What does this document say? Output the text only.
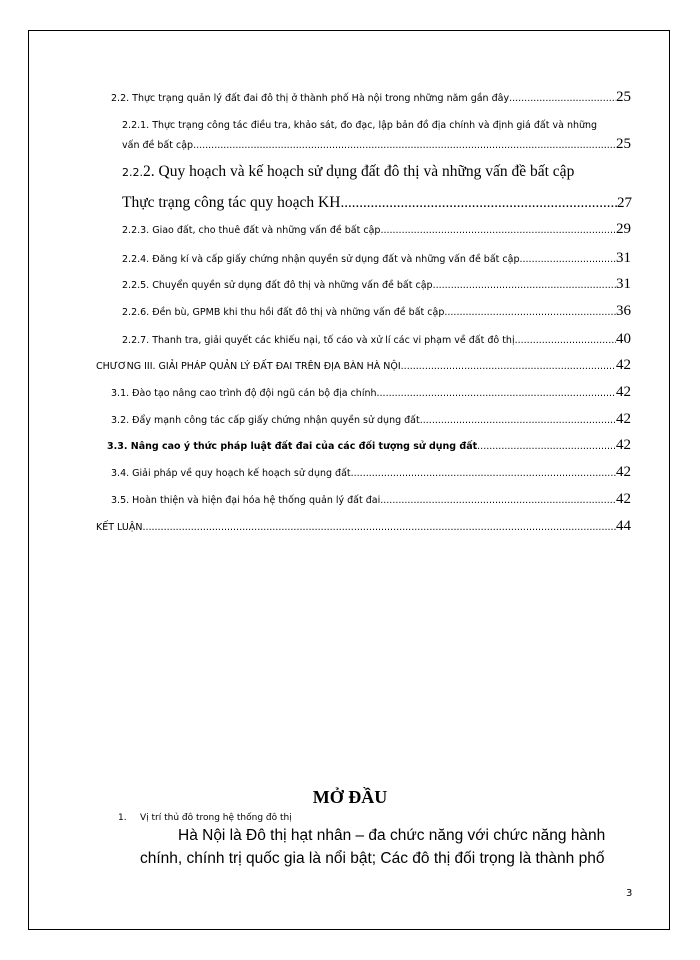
2.2. Thực trạng quản lý đất đai đô thị ở thành phố Hà nội trong những năm gần đây .....	25
2.2.1. Thực trạng công tác điều tra, khảo sát, đo đạc, lập bản đồ địa chính và định giá đất và những
vấn đề bất cập .....	25
2.2.2. Quy hoạch và kế hoạch sử dụng đất đô thị và những vấn đề bất cập
Thực trạng công tác quy hoạch KH .....	27
2.2.3. Giao đất, cho thuê đất và những vấn đề bất cập .....	29
2.2.4. Đăng kí và cấp giấy chứng nhận quyền sử dụng đất và những vấn đề bất cập .....	31
2.2.5. Chuyển quyền sử dụng đất đô thị và những vấn đề bất cập .....	31
2.2.6. Đền bù, GPMB khi thu hồi đất đô thị và những vấn đề bất cập .....	36
2.2.7. Thanh tra, giải quyết các khiếu nại, tố cáo và xử lí các vi phạm về đất đô thị .....	40
CHƯƠNG III. GIẢI PHÁP QUẢN LÝ ĐẤT ĐAI TRÊN ĐỊA BÀN HÀ NỘI .....	42
3.1. Đào tạo nâng cao trình độ đội ngũ cán bộ địa chính .....	42
3.2. Đẩy mạnh công tác cấp giấy chứng nhận quyền sử dụng đất .....	42
3.3. Nâng cao ý thức pháp luật đất đai của các đối tượng sử dụng đất .....	42
3.4. Giải pháp về quy hoạch kế hoạch sử dụng đất .....	42
3.5. Hoàn thiện và hiện đại hóa hệ thống quản lý đất đai .....	42
KẾT LUẬN .....	44
MỞ ĐẦU
1. Vị trí thủ đô trong hệ thống đô thị
Hà Nội là Đô thị hạt nhân – đa chức năng với chức năng hành
chính, chính trị quốc gia là nổi bật; Các đô thị đối trọng là thành phố
3
